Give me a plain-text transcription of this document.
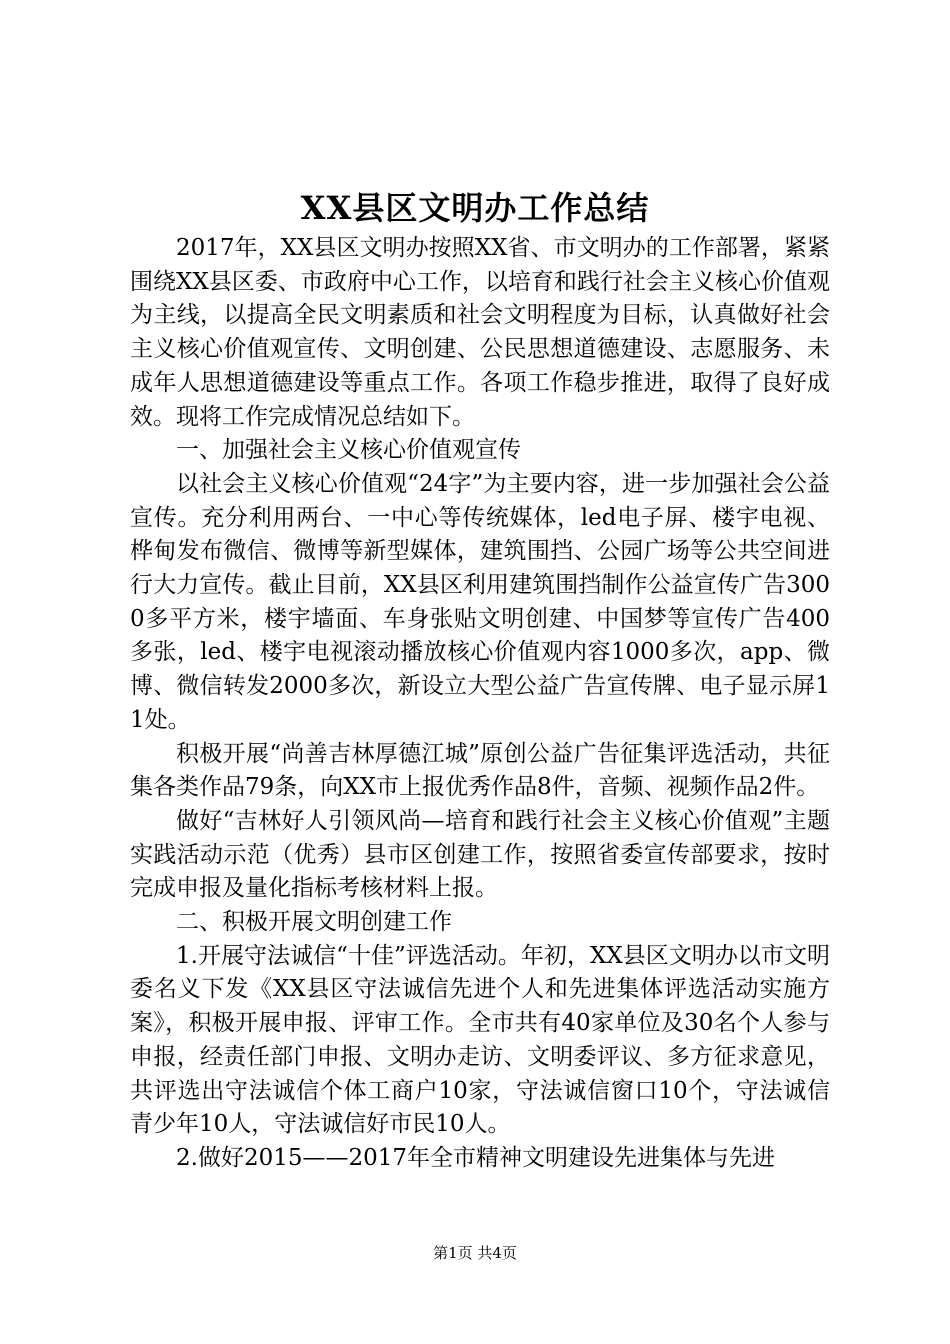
XX县区文明办工作总结

2017年，XX县区文明办按照XX省、市文明办的工作部署，紧紧围绕XX县区委、市政府中心工作，以培育和践行社会主义核心价值观为主线，以提高全民文明素质和社会文明程度为目标，认真做好社会主义核心价值观宣传、文明创建、公民思想道德建设、志愿服务、未成年人思想道德建设等重点工作。各项工作稳步推进，取得了良好成效。现将工作完成情况总结如下。

一、加强社会主义核心价值观宣传

以社会主义核心价值观“24字”为主要内容，进一步加强社会公益宣传。充分利用两台、一中心等传统媒体，led电子屏、楼宇电视、桦甸发布微信、微博等新型媒体，建筑围挡、公园广场等公共空间进行大力宣传。截止目前，XX县区利用建筑围挡制作公益宣传广告3000多平方米，楼宇墙面、车身张贴文明创建、中国梦等宣传广告400多张，led、楼宇电视滚动播放核心价值观内容1000多次，app、微博、微信转发2000多次，新设立大型公益广告宣传牌、电子显示屏11处。

积极开展“尚善吉林厚德江城”原创公益广告征集评选活动，共征集各类作品79条，向XX市上报优秀作品8件，音频、视频作品2件。

做好“吉林好人引领风尚—培育和践行社会主义核心价值观”主题实践活动示范（优秀）县市区创建工作，按照省委宣传部要求，按时完成申报及量化指标考核材料上报。

二、积极开展文明创建工作

1.开展守法诚信“十佳”评选活动。年初，XX县区文明办以市文明委名义下发《XX县区守法诚信先进个人和先进集体评选活动实施方案》，积极开展申报、评审工作。全市共有40家单位及30名个人参与申报，经责任部门申报、文明办走访、文明委评议、多方征求意见，共评选出守法诚信个体工商户10家，守法诚信窗口10个，守法诚信青少年10人，守法诚信好市民10人。

2.做好2015——2017年全市精神文明建设先进集体与先进

第1页 共4页
